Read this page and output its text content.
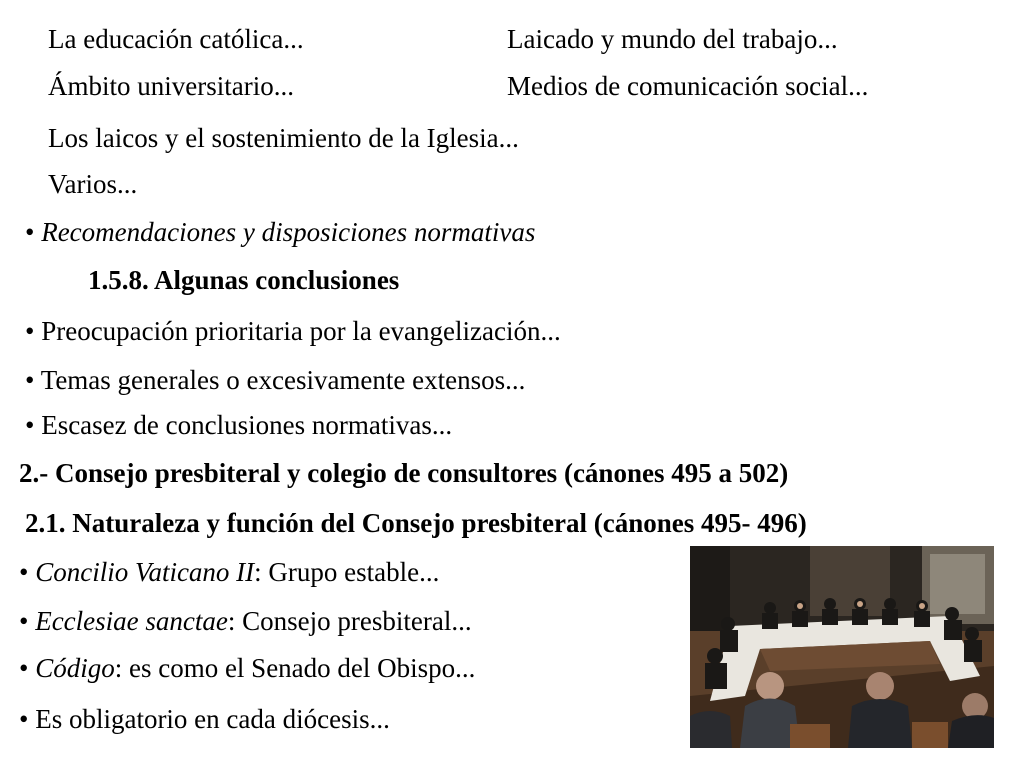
La educación católica...	Laicado y mundo del trabajo...
Ámbito universitario...	Medios de comunicación social...
Los laicos y el sostenimiento de la Iglesia...
Varios...
• Recomendaciones y disposiciones normativas
1.5.8. Algunas conclusiones
• Preocupación prioritaria por la evangelización...
• Temas generales o excesivamente extensos...
• Escasez de conclusiones normativas...
2.- Consejo presbiteral y colegio de consultores (cánones 495 a 502)
2.1. Naturaleza y función del Consejo presbiteral (cánones 495- 496)
• Concilio Vaticano II: Grupo estable...
• Ecclesiae sanctae: Consejo presbiteral...
• Código: es como el Senado del Obispo...
• Es obligatorio en cada diócesis...
